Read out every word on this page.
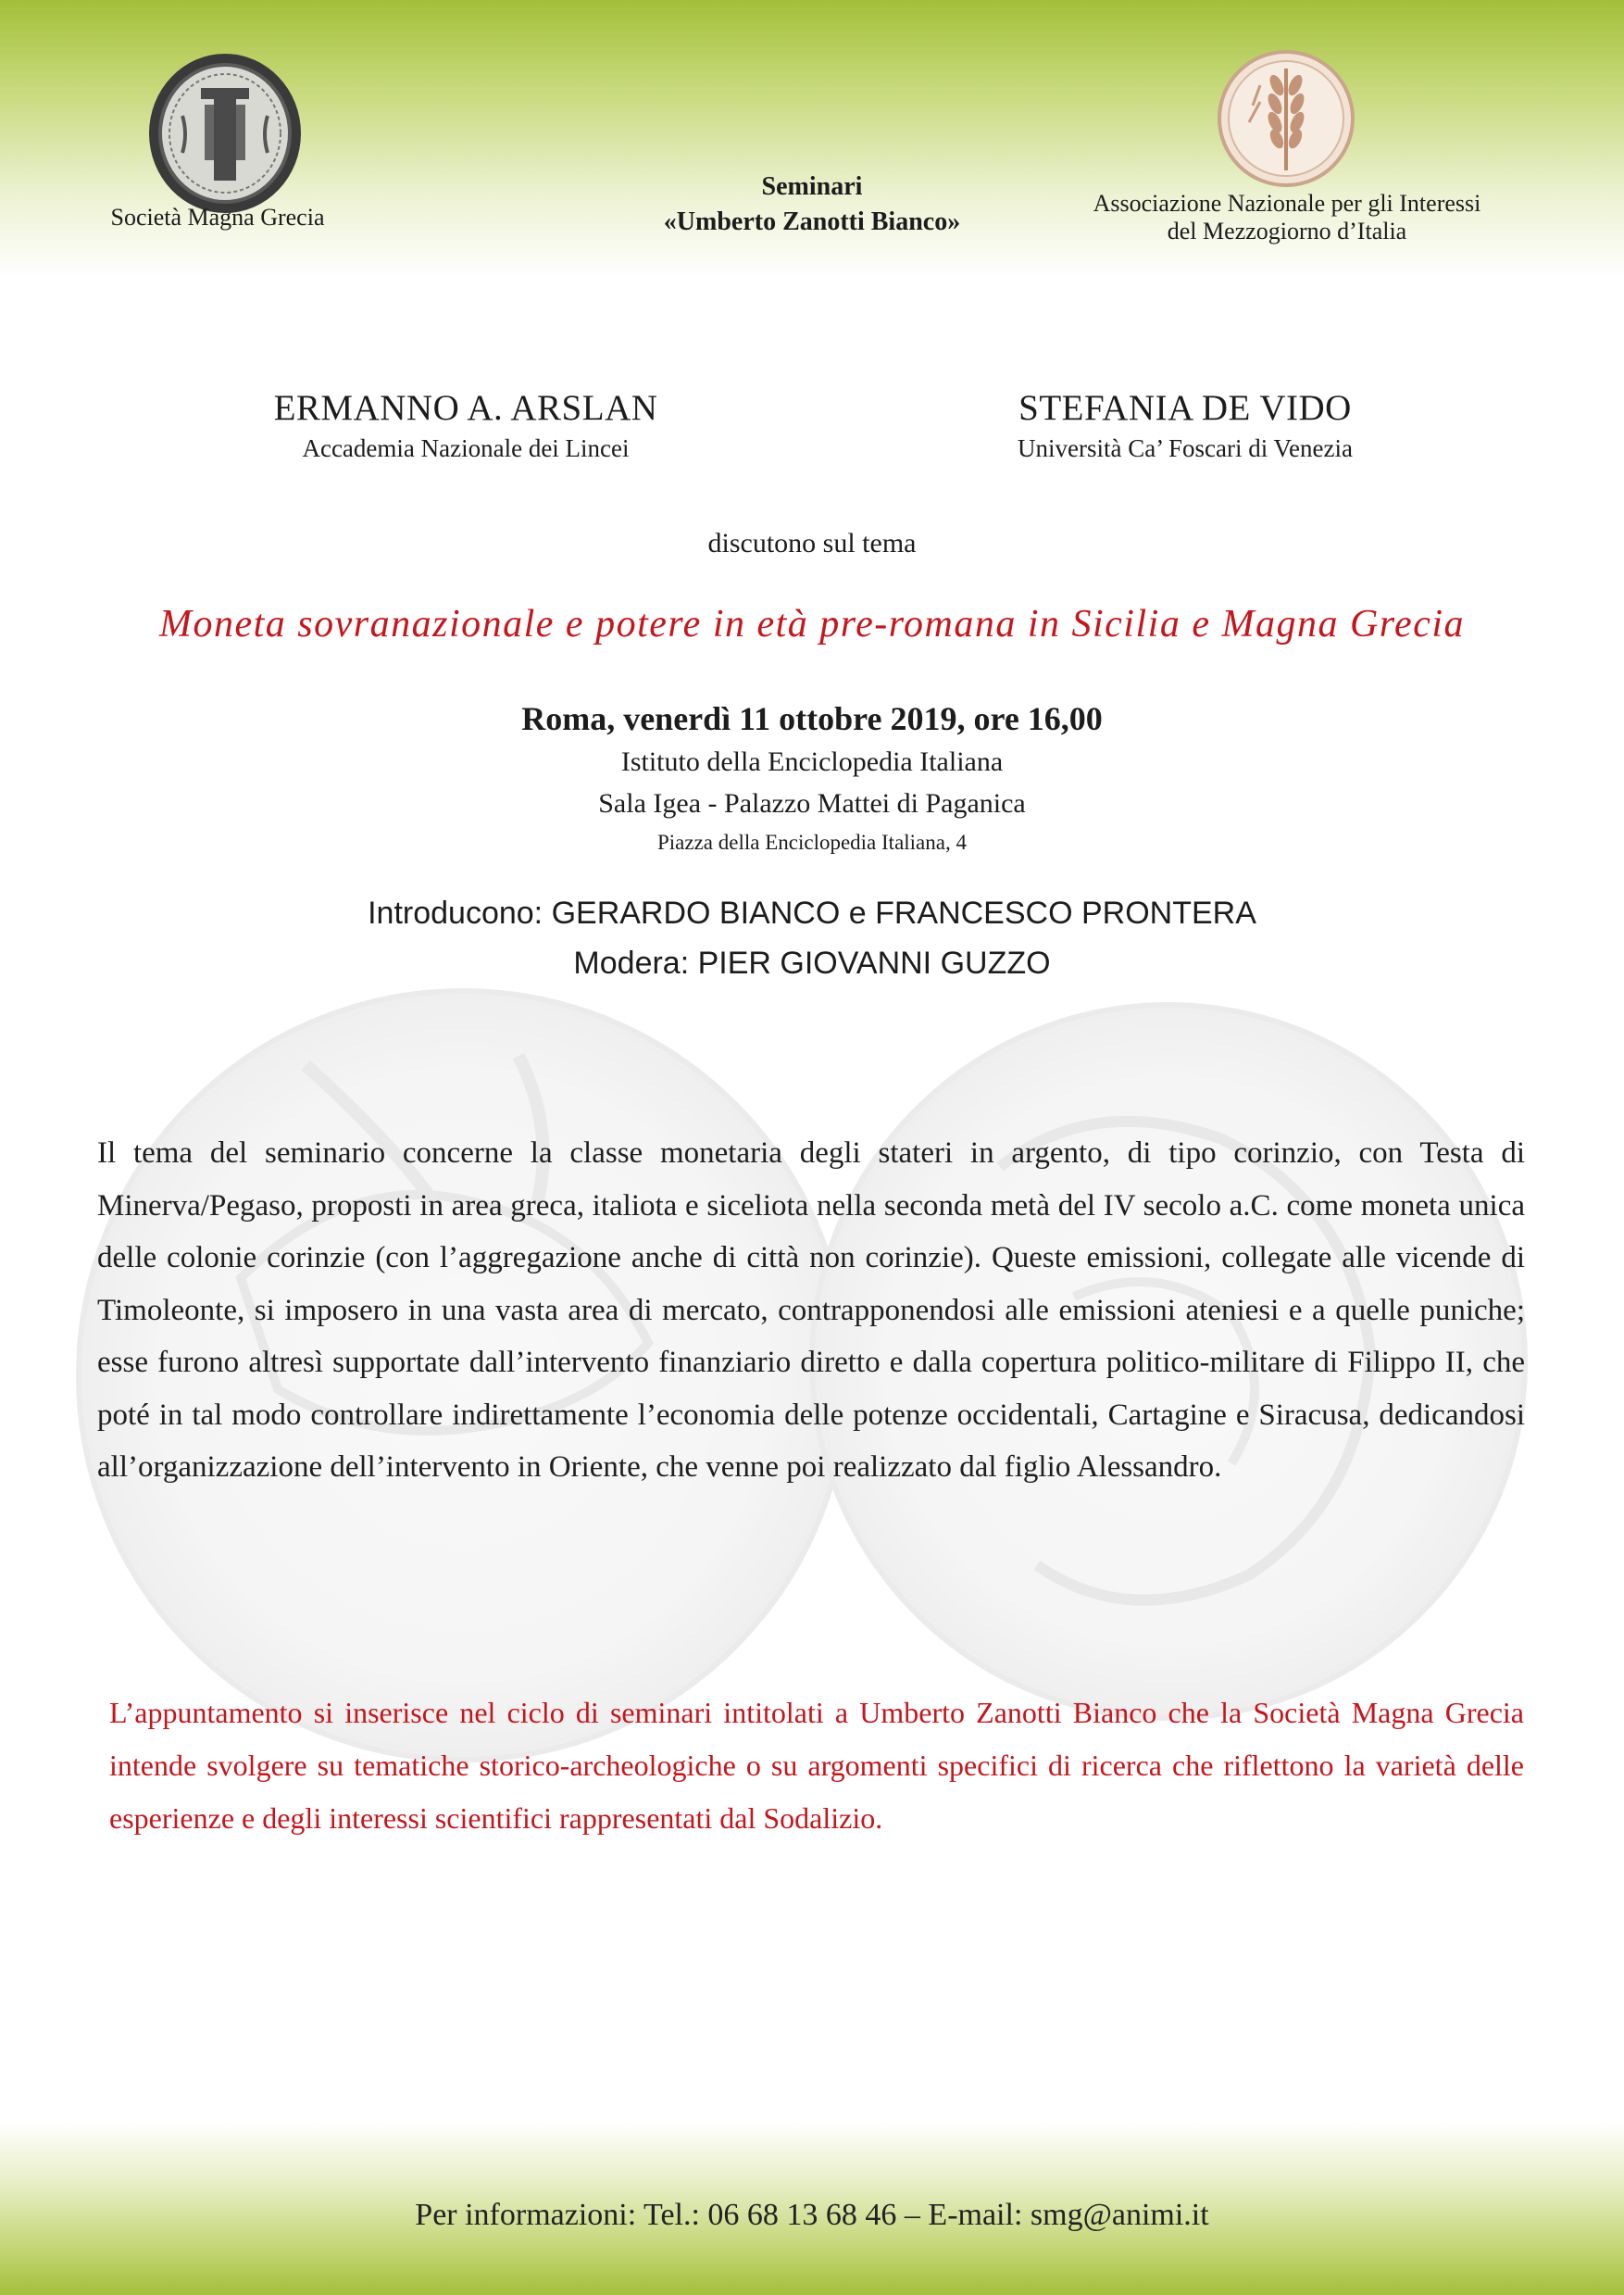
Società Magna Grecia
Seminari
«Umberto Zanotti Bianco»
Associazione Nazionale per gli Interessi
del Mezzogiorno d’Italia
ERMANNO A. ARSLAN
Accademia Nazionale dei Lincei
STEFANIA DE VIDO
Università Ca’ Foscari di Venezia
discutono sul tema
Moneta sovranazionale e potere in età pre-romana in Sicilia e Magna Grecia
Roma, venerdì 11 ottobre 2019, ore 16,00
Istituto della Enciclopedia Italiana
Sala Igea - Palazzo Mattei di Paganica
Piazza della Enciclopedia Italiana, 4
Introducono: GERARDO BIANCO e FRANCESCO PRONTERA
Modera: PIER GIOVANNI GUZZO
Il tema del seminario concerne la classe monetaria degli stateri in argento, di tipo corinzio, con Testa di Minerva/Pegaso, proposti in area greca, italiota e siceliota nella seconda metà del IV secolo a.C. come moneta unica delle colonie corinzie (con l’aggregazione anche di città non corinzie). Queste emissioni, collegate alle vicende di Timoleonte, si imposero in una vasta area di mercato, contrapponendosi alle emissioni ateniesi e a quelle puniche; esse furono altresì supportate dall’intervento finanziario diretto e dalla copertura politico-militare di Filippo II, che poté in tal modo controllare indirettamente l’economia delle potenze occidentali, Cartagine e Siracusa, dedicandosi all’organizzazione dell’intervento in Oriente, che venne poi realizzato dal figlio Alessandro.
L’appuntamento si inserisce nel ciclo di seminari intitolati a Umberto Zanotti Bianco che la Società Magna Grecia intende svolgere su tematiche storico-archeologiche o su argomenti specifici di ricerca che riflettono la varietà delle esperienze e degli interessi scientifici rappresentati dal Sodalizio.
Per informazioni: Tel.: 06 68 13 68 46 – E-mail: smg@animi.it
